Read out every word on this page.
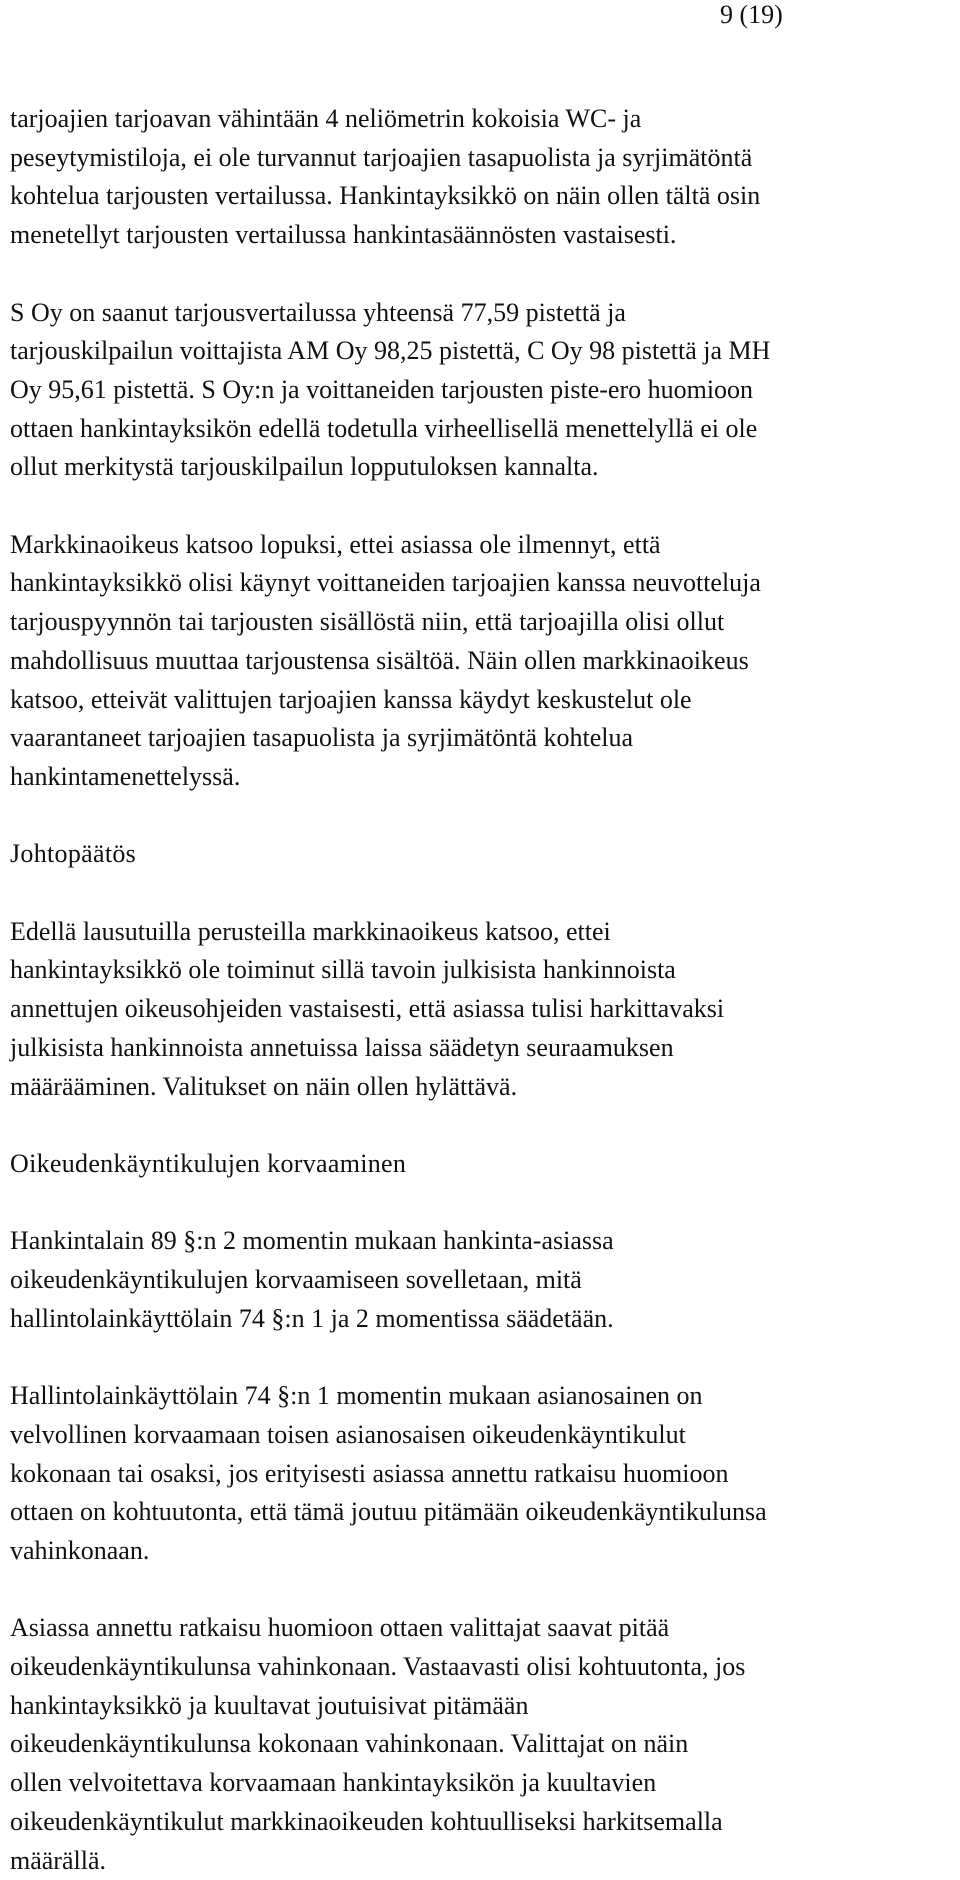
9 (19)
tarjoajien tarjoavan vähintään 4 neliömetrin kokoisia WC- ja
peseytymistiloja, ei ole turvannut tarjoajien tasapuolista ja syrjimätöntä
kohtelua tarjousten vertailussa. Hankintayksikkö on näin ollen tältä osin
menetellyt tarjousten vertailussa hankintasäännösten vastaisesti.
S Oy on saanut tarjousvertailussa yhteensä 77,59 pistettä ja
tarjouskilpailun voittajista AM Oy 98,25 pistettä, C Oy 98 pistettä ja MH
Oy 95,61 pistettä. S Oy:n ja voittaneiden tarjousten piste-ero huomioon
ottaen hankintayksikön edellä todetulla virheellisellä menettelyllä ei ole
ollut merkitystä tarjouskilpailun lopputuloksen kannalta.
Markkinaoikeus katsoo lopuksi, ettei asiassa ole ilmennyt, että
hankintayksikkö olisi käynyt voittaneiden tarjoajien kanssa neuvotteluja
tarjouspyynnön tai tarjousten sisällöstä niin, että tarjoajilla olisi ollut
mahdollisuus muuttaa tarjoustensa sisältöä. Näin ollen markkinaoikeus
katsoo, etteivät valittujen tarjoajien kanssa käydyt keskustelut ole
vaarantaneet tarjoajien tasapuolista ja syrjimätöntä kohtelua
hankintamenettelyssä.
Johtopäätös
Edellä lausutuilla perusteilla markkinaoikeus katsoo, ettei
hankintayksikkö ole toiminut sillä tavoin julkisista hankinnoista
annettujen oikeusohjeiden vastaisesti, että asiassa tulisi harkittavaksi
julkisista hankinnoista annetuissa laissa säädetyn seuraamuksen
määrääminen. Valitukset on näin ollen hylättävä.
Oikeudenkäyntikulujen korvaaminen
Hankintalain 89 §:n 2 momentin mukaan hankinta-asiassa
oikeudenkäyntikulujen korvaamiseen sovelletaan, mitä
hallintolainkäyttölain 74 §:n 1 ja 2 momentissa säädetään.
Hallintolainkäyttölain 74 §:n 1 momentin mukaan asianosainen on
velvollinen korvaamaan toisen asianosaisen oikeudenkäyntikulut
kokonaan tai osaksi, jos erityisesti asiassa annettu ratkaisu huomioon
ottaen on kohtuutonta, että tämä joutuu pitämään oikeudenkäyntikulunsa
vahinkonaan.
Asiassa annettu ratkaisu huomioon ottaen valittajat saavat pitää
oikeudenkäyntikulunsa vahinkonaan. Vastaavasti olisi kohtuutonta, jos
hankintayksikkö ja kuultavat joutuisivat pitämään
oikeudenkäyntikulunsa kokonaan vahinkonaan. Valittajat on näin
ollen velvoitettava korvaamaan hankintayksikön ja kuultavien
oikeudenkäyntikulut markkinaoikeuden kohtuulliseksi harkitsemalla
määrällä.
